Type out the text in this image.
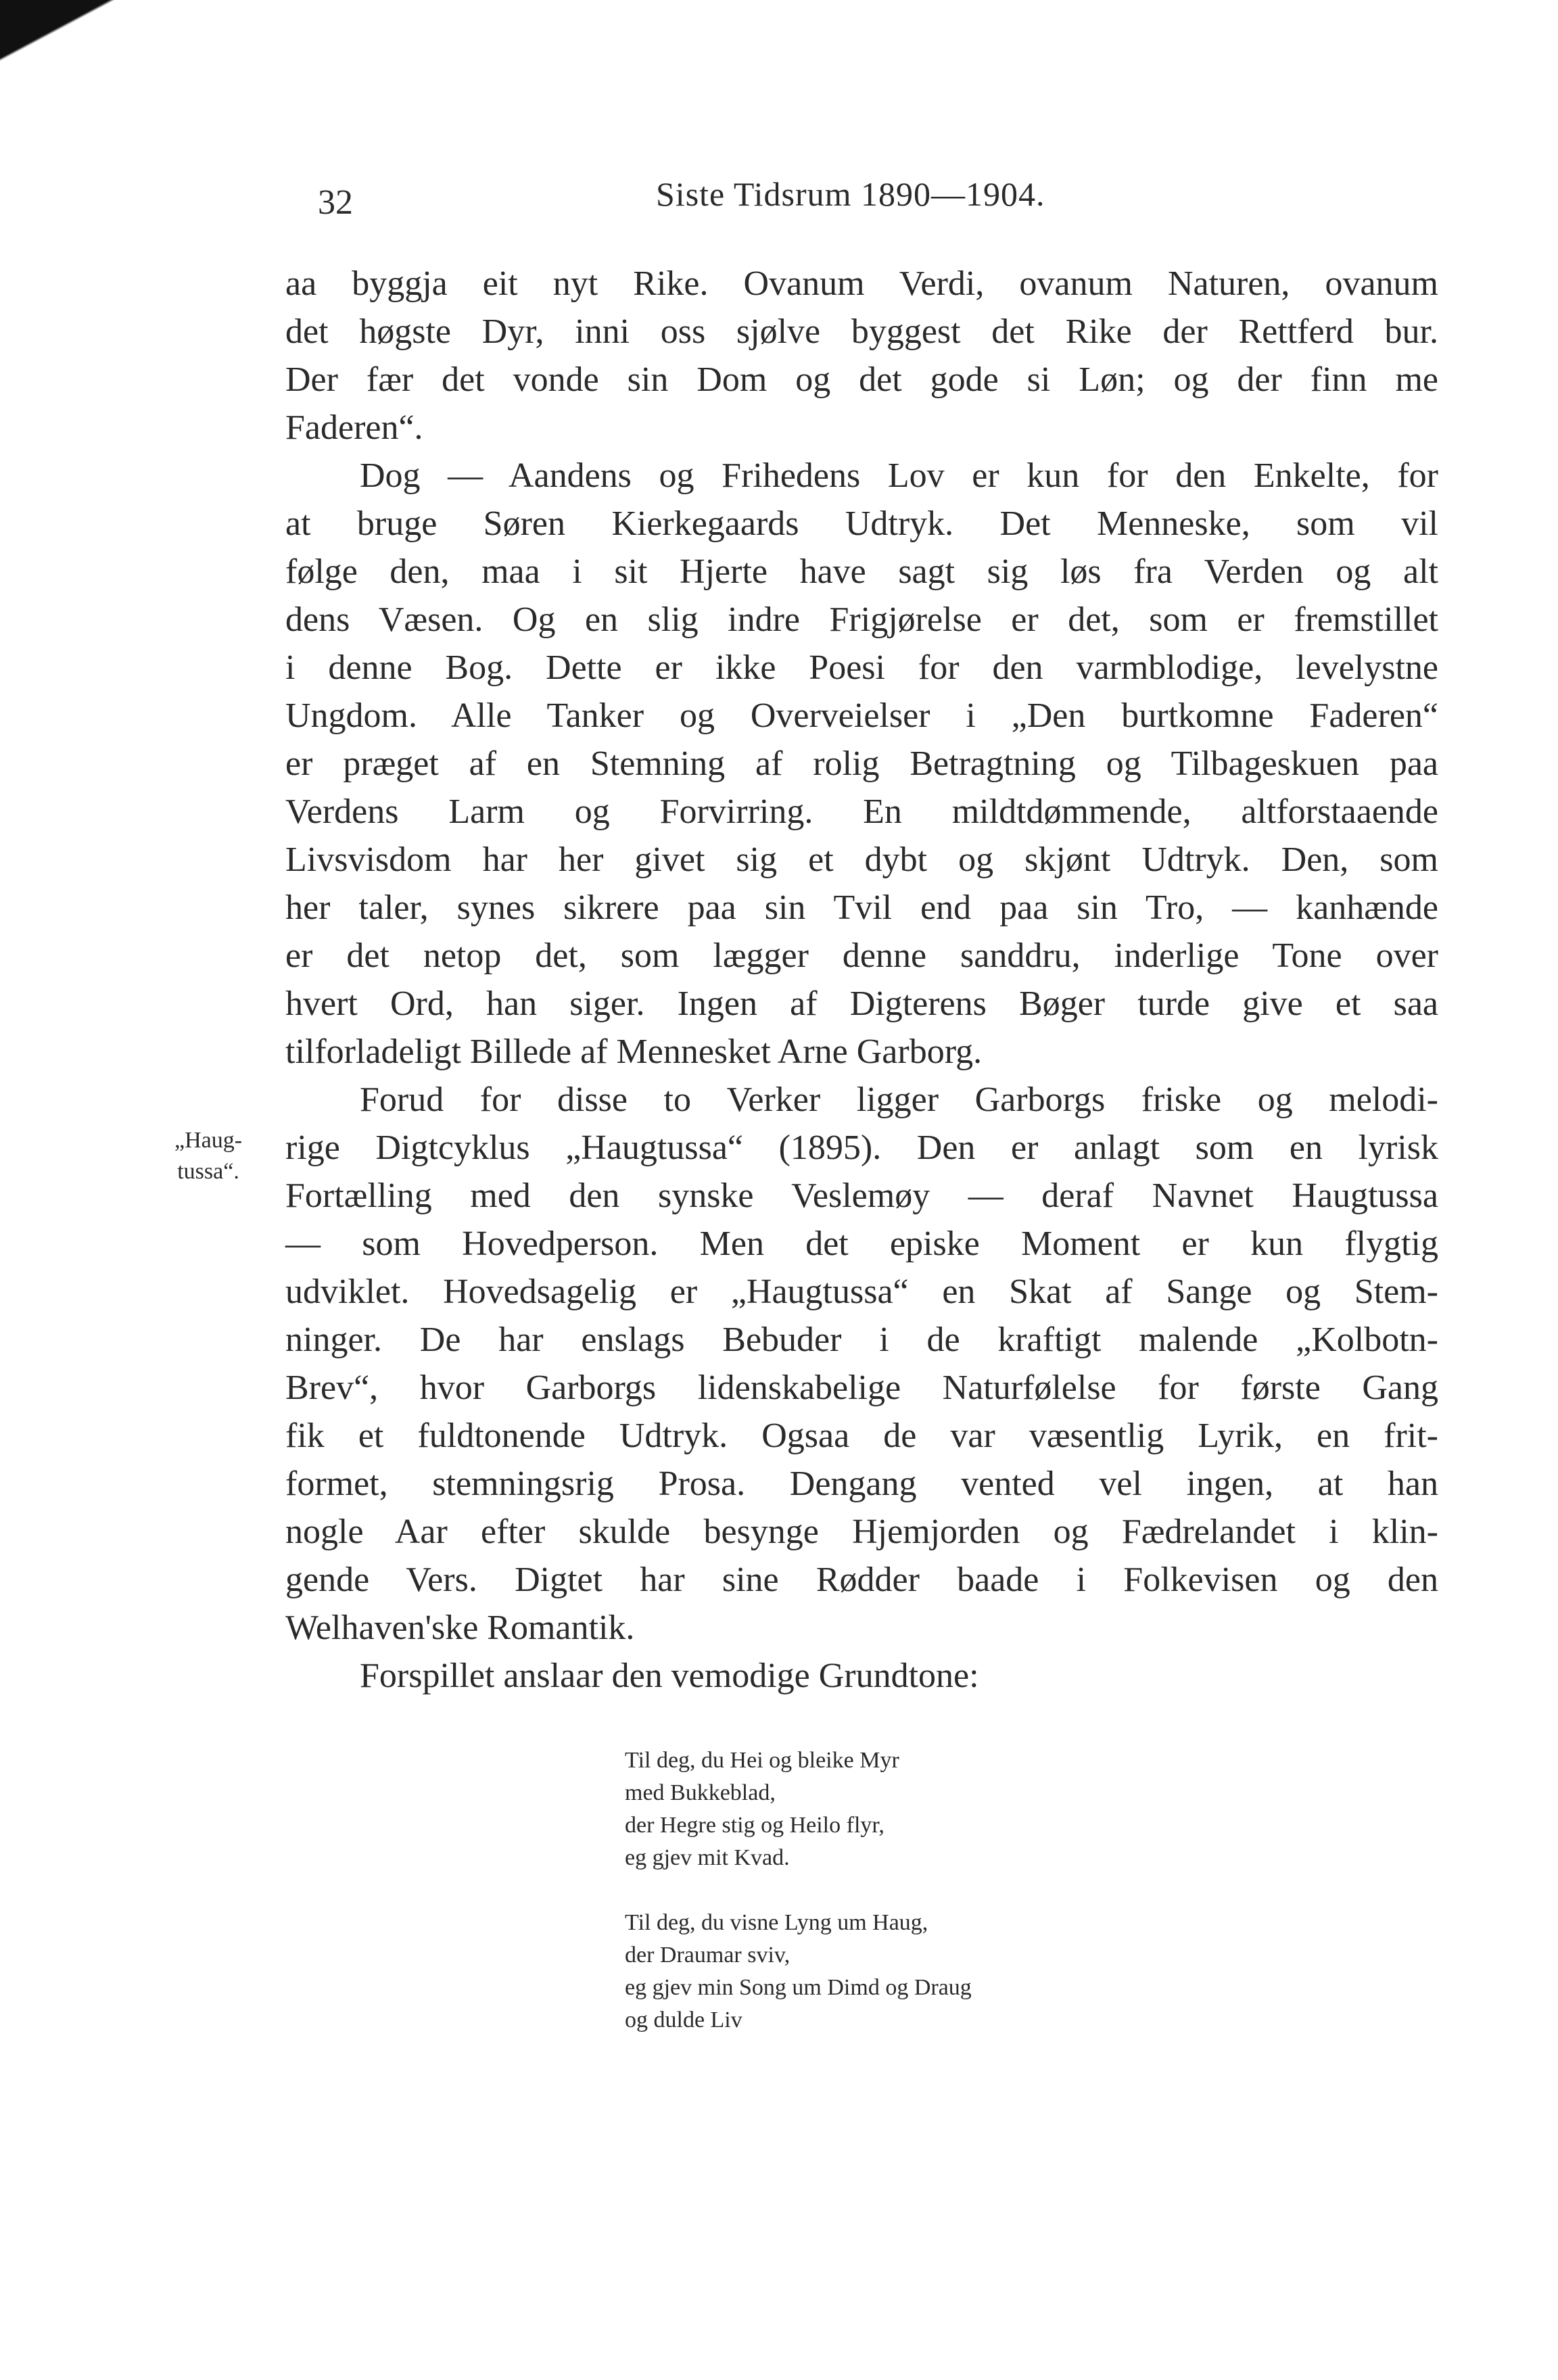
32	Siste Tidsrum 1890—1904.
„Haug-
tussa“.
aa byggja eit nyt Rike. Ovanum Verdi, ovanum Naturen, ovanum
det høgste Dyr, inni oss sjølve byggest det Rike der Rettferd bur.
Der fær det vonde sin Dom og det gode si Løn; og der finn me
Faderen“.
Dog — Aandens og Frihedens Lov er kun for den Enkelte, for
at bruge Søren Kierkegaards Udtryk. Det Menneske, som vil
følge den, maa i sit Hjerte have sagt sig løs fra Verden og alt
dens Væsen. Og en slig indre Frigjørelse er det, som er fremstillet
i denne Bog. Dette er ikke Poesi for den varmblodige, levelystne
Ungdom. Alle Tanker og Overveielser i „Den burtkomne Faderen“
er præget af en Stemning af rolig Betragtning og Tilbageskuen paa
Verdens Larm og Forvirring. En mildtdømmende, altforstaaende
Livsvisdom har her givet sig et dybt og skjønt Udtryk. Den, som
her taler, synes sikrere paa sin Tvil end paa sin Tro, — kanhænde
er det netop det, som lægger denne sanddru, inderlige Tone over
hvert Ord, han siger. Ingen af Digterens Bøger turde give et saa
tilforladeligt Billede af Mennesket Arne Garborg.
Forud for disse to Verker ligger Garborgs friske og melodi-
rige Digtcyklus „Haugtussa“ (1895). Den er anlagt som en lyrisk
Fortælling med den synske Veslemøy — deraf Navnet Haugtussa
— som Hovedperson. Men det episke Moment er kun flygtig
udviklet. Hovedsagelig er „Haugtussa“ en Skat af Sange og Stem-
ninger. De har enslags Bebuder i de kraftigt malende „Kolbotn-
Brev“, hvor Garborgs lidenskabelige Naturfølelse for første Gang
fik et fuldtonende Udtryk. Ogsaa de var væsentlig Lyrik, en frit-
formet, stemningsrig Prosa. Dengang vented vel ingen, at han
nogle Aar efter skulde besynge Hjemjorden og Fædrelandet i klin-
gende Vers. Digtet har sine Rødder baade i Folkevisen og den
Welhaven'ske Romantik.
Forspillet anslaar den vemodige Grundtone:
Til deg, du Hei og bleike Myr
med Bukkeblad,
der Hegre stig og Heilo flyr,
eg gjev mit Kvad.
Til deg, du visne Lyng um Haug,
der Draumar sviv,
eg gjev min Song um Dimd og Draug
og dulde Liv
